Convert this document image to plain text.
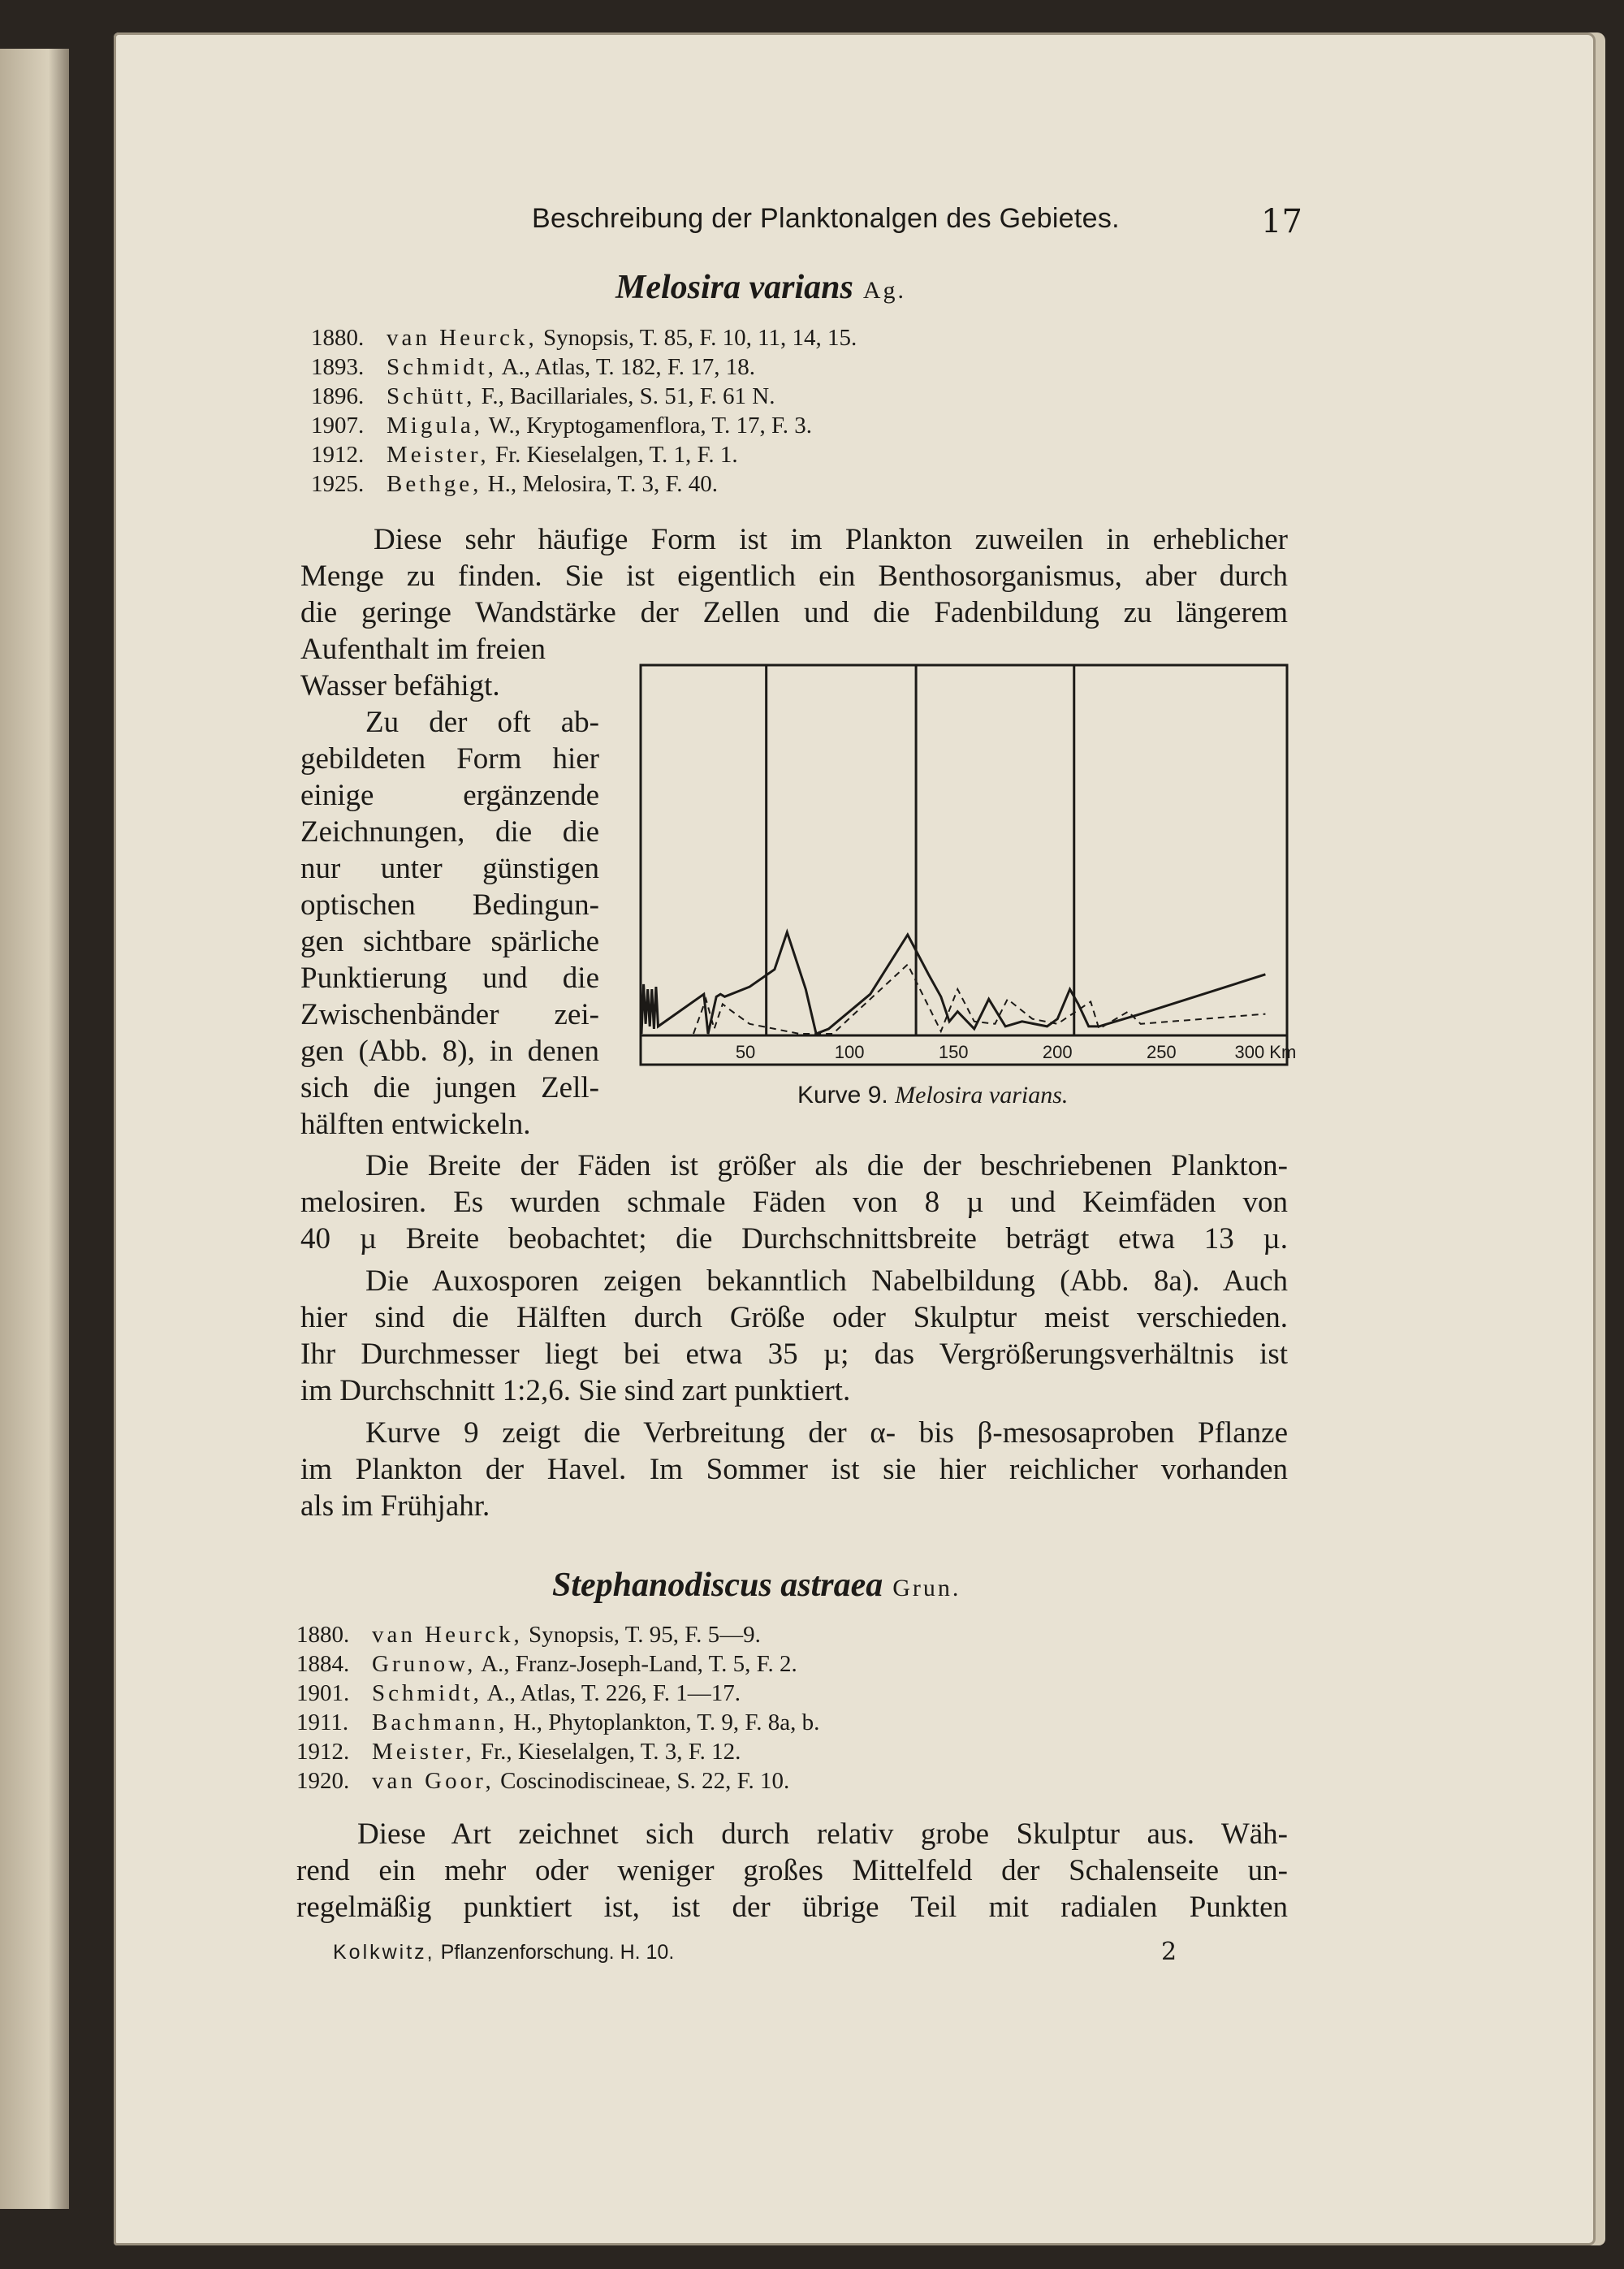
Beschreibung der Planktonalgen des Gebietes.	17
Melosira varians Ag.
1880. van Heurck, Synopsis, T. 85, F. 10, 11, 14, 15.
1893. Schmidt, A., Atlas, T. 182, F. 17, 18.
1896. Schütt, F., Bacillariales, S. 51, F. 61 N.
1907. Migula, W., Kryptogamenflora, T. 17, F. 3.
1912. Meister, Fr. Kieselalgen, T. 1, F. 1.
1925. Bethge, H., Melosira, T. 3, F. 40.
Diese sehr häufige Form ist im Plankton zuweilen in erheblicher
Menge zu finden. Sie ist eigentlich ein Benthosorganismus, aber durch
die geringe Wandstärke der Zellen und die Fadenbildung zu längerem
Aufenthalt im freien
Wasser befähigt.
Zu der oft ab-
gebildeten Form hier
einige ergänzende
Zeichnungen, die die
nur unter günstigen
optischen Bedingun-
gen sichtbare spärliche
Punktierung und die
Zwischenbänder zei-
gen (Abb. 8), in denen
sich die jungen Zell-
hälften entwickeln.
50	100	150	200	250	300 Km
Kurve 9. Melosira varians.
Die Breite der Fäden ist größer als die der beschriebenen Plankton-
melosiren. Es wurden schmale Fäden von 8 µ und Keimfäden von
40 µ Breite beobachtet; die Durchschnittsbreite beträgt etwa 13 µ.
Die Auxosporen zeigen bekanntlich Nabelbildung (Abb. 8a). Auch
hier sind die Hälften durch Größe oder Skulptur meist verschieden.
Ihr Durchmesser liegt bei etwa 35 µ; das Vergrößerungsverhältnis ist
im Durchschnitt 1:2,6. Sie sind zart punktiert.
Kurve 9 zeigt die Verbreitung der α- bis β-mesosaproben Pflanze
im Plankton der Havel. Im Sommer ist sie hier reichlicher vorhanden
als im Frühjahr.
Stephanodiscus astraea Grun.
1880. van Heurck, Synopsis, T. 95, F. 5—9.
1884. Grunow, A., Franz-Joseph-Land, T. 5, F. 2.
1901. Schmidt, A., Atlas, T. 226, F. 1—17.
1911. Bachmann, H., Phytoplankton, T. 9, F. 8a, b.
1912. Meister, Fr., Kieselalgen, T. 3, F. 12.
1920. van Goor, Coscinodiscineae, S. 22, F. 10.
Diese Art zeichnet sich durch relativ grobe Skulptur aus. Wäh-
rend ein mehr oder weniger großes Mittelfeld der Schalenseite un-
regelmäßig punktiert ist, ist der übrige Teil mit radialen Punkten
Kolkwitz, Pflanzenforschung. H. 10.	2
